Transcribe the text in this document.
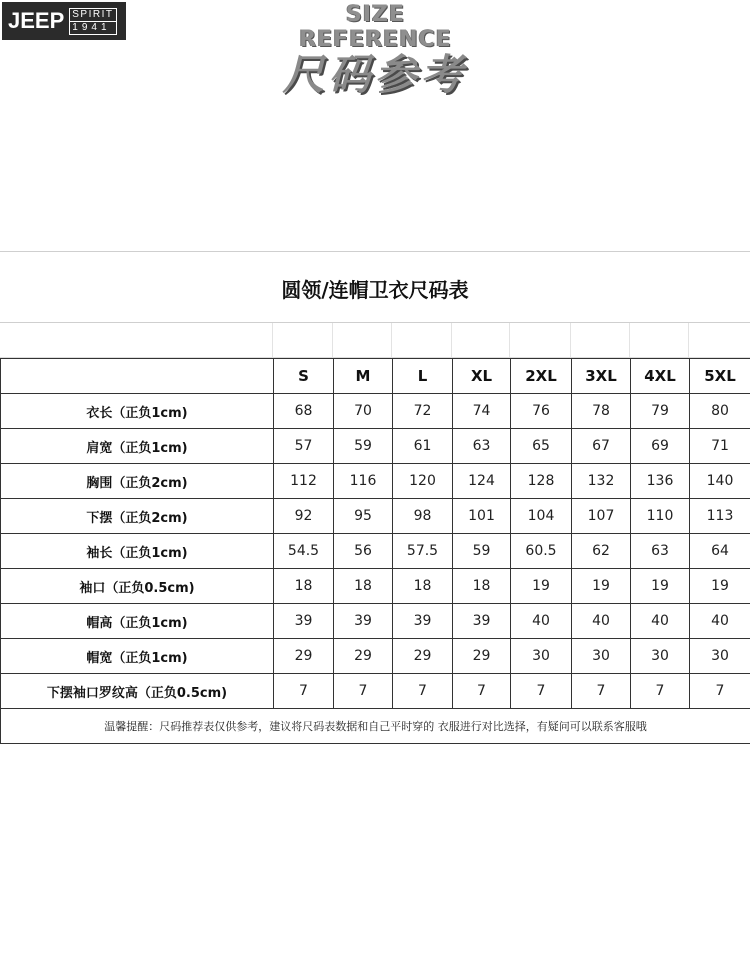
JEEP SPIRIT
1941	SIZE REFERENCE
尺码参考
圆领/连帽卫衣尺码表
	S	M	L	XL	2XL	3XL	4XL	5XL
衣长（正负1cm)	68	70	72	74	76	78	79	80
肩宽（正负1cm)	57	59	61	63	65	67	69	71
胸围（正负2cm)	112	116	120	124	128	132	136	140
下摆（正负2cm)	92	95	98	101	104	107	110	113
袖长（正负1cm)	54.5	56	57.5	59	60.5	62	63	64
袖口（正负0.5cm)	18	18	18	18	19	19	19	19
帽高（正负1cm)	39	39	39	39	40	40	40	40
帽宽（正负1cm)	29	29	29	29	30	30	30	30
下摆袖口罗纹高（正负0.5cm)	7	7	7	7	7	7	7	7
温馨提醒：尺码推荐表仅供参考，建议将尺码表数据和自己平时穿的 衣服进行对比选择，有疑问可以联系客服哦								
